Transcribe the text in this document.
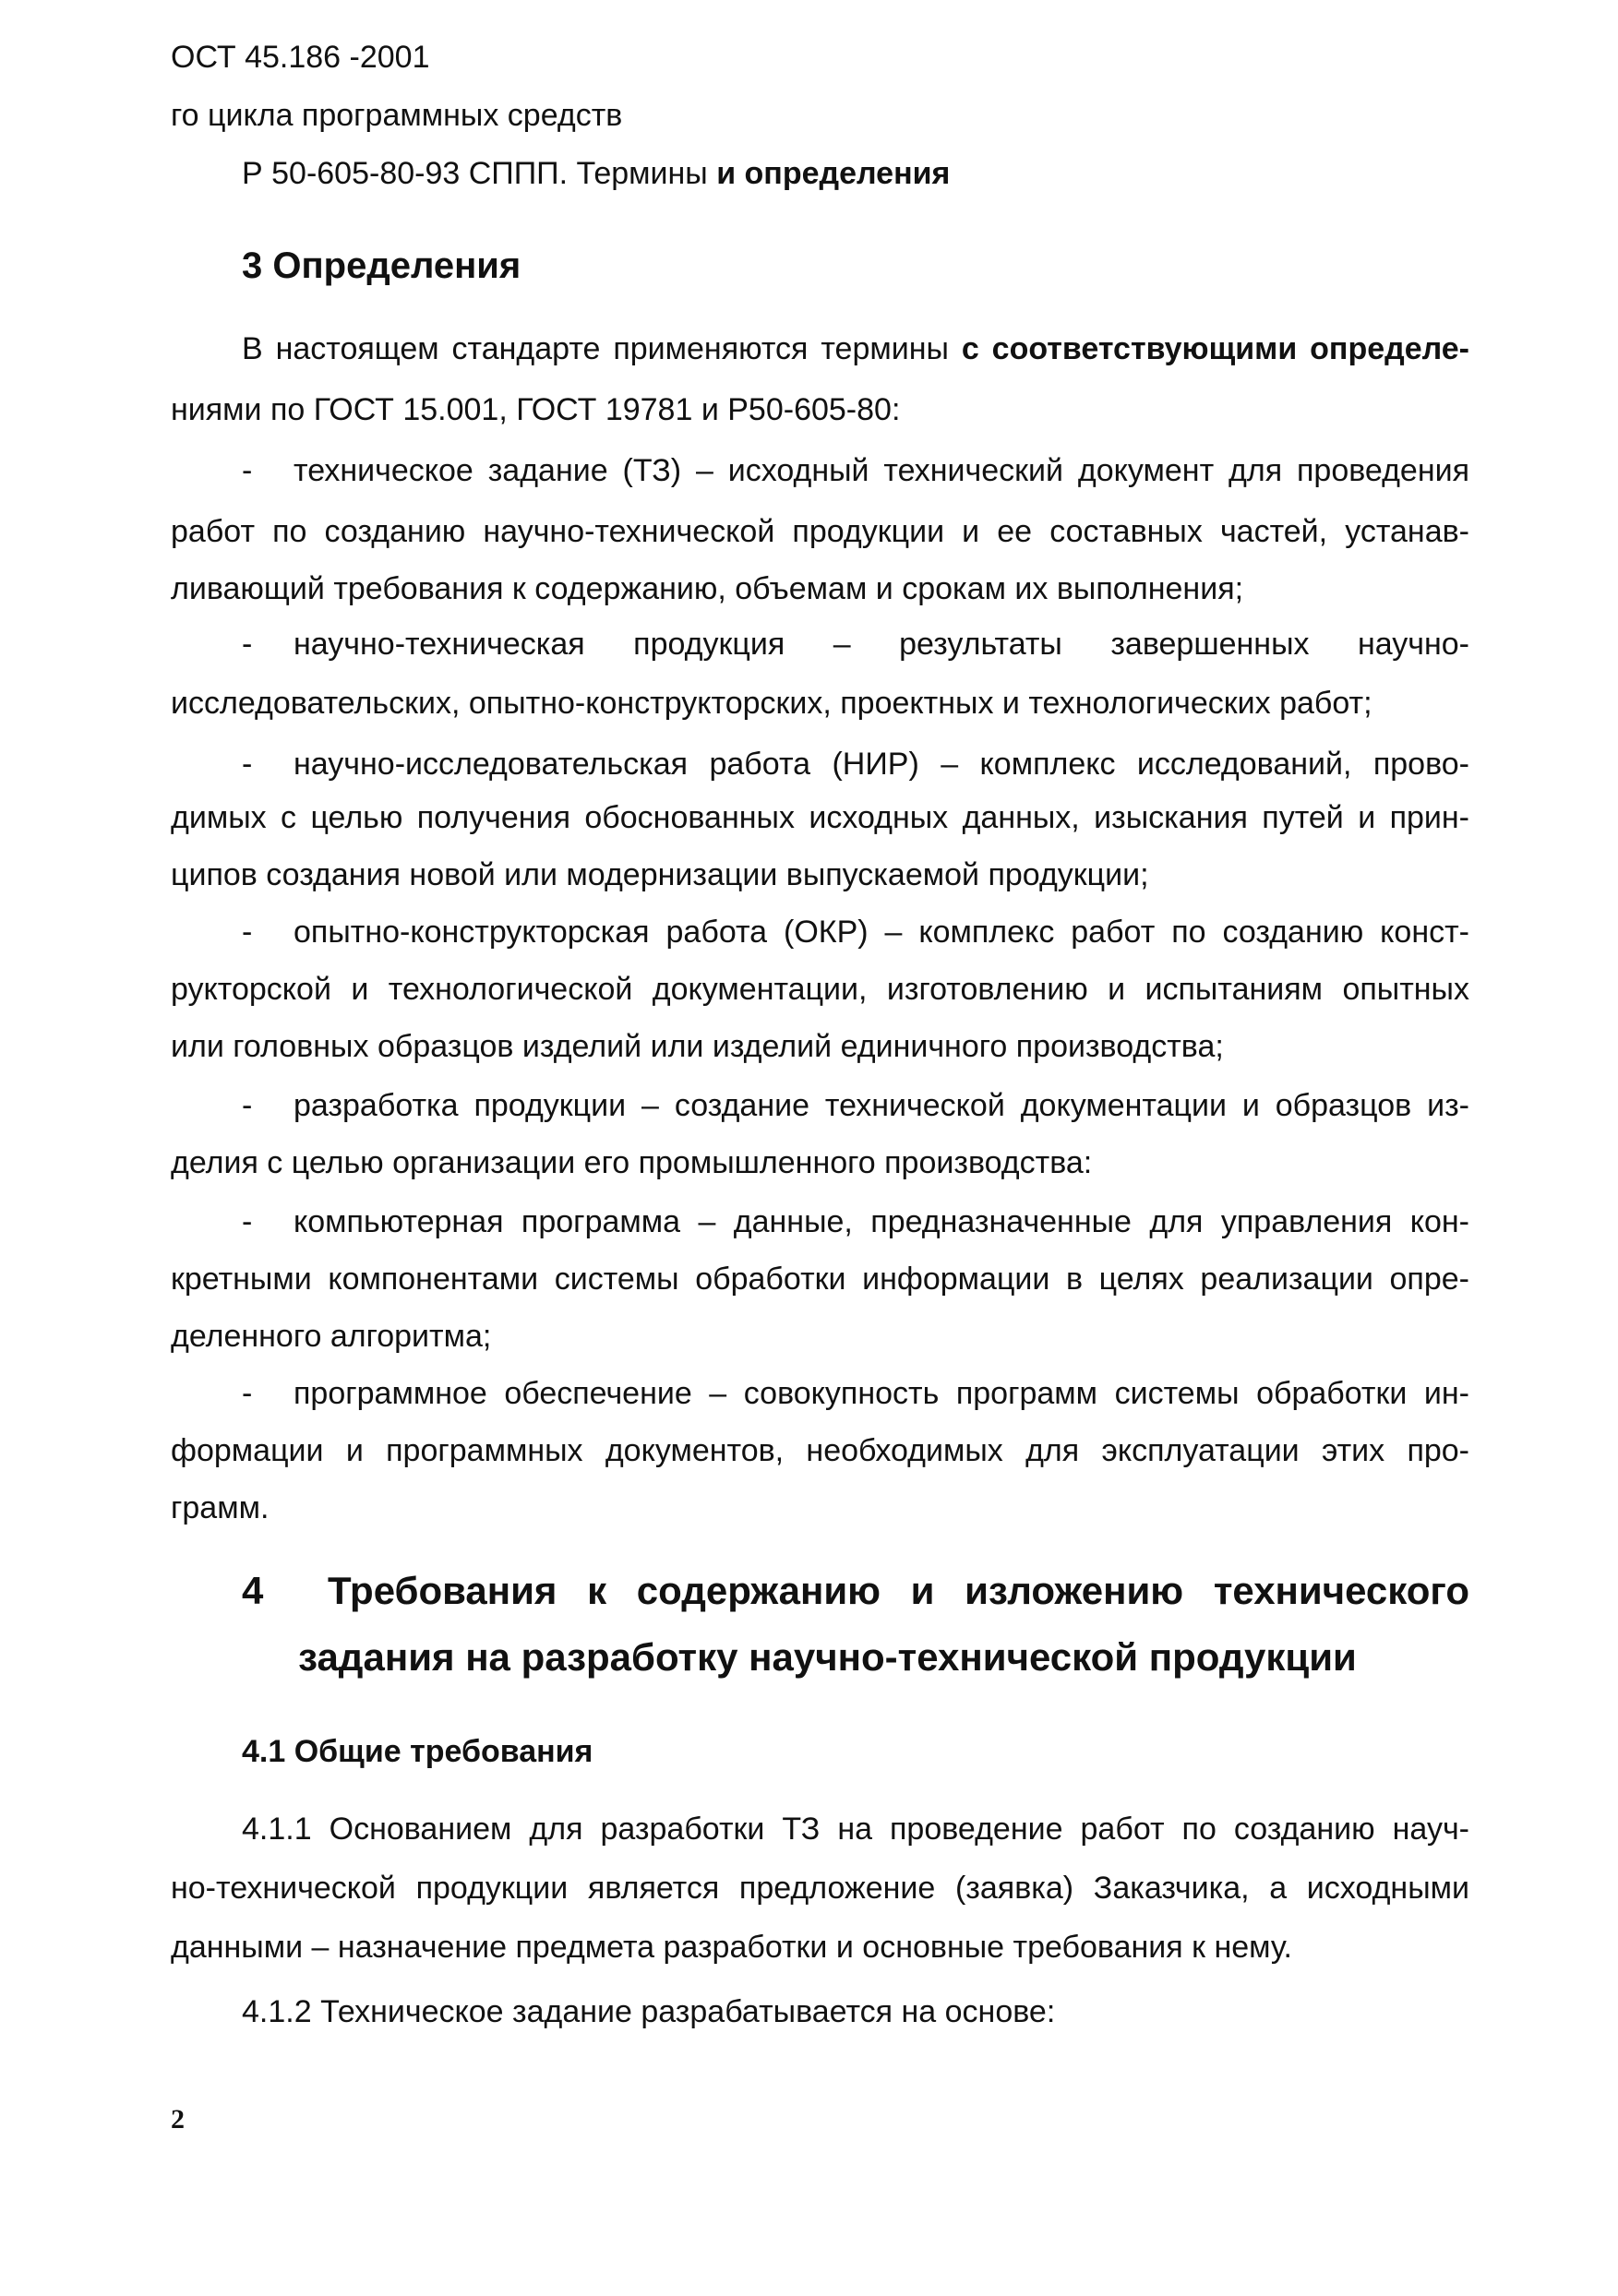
ОСТ 45.186 -2001

го цикла программных средств

Р 50-605-80-93 СППП. Термины и определения

3 Определения

В настоящем стандарте применяются термины с соответствующими определе-

ниями по ГОСТ 15.001, ГОСТ 19781 и Р50-605-80:

- техническое задание (ТЗ) – исходный технический документ для проведения

работ по созданию научно-технической продукции и ее составных частей, устанав-

ливающий требования к содержанию, объемам и срокам их выполнения;

- научно-техническая продукция – результаты завершенных научно-

исследовательских, опытно-конструкторских, проектных и технологических работ;

- научно-исследовательская работа (НИР) – комплекс исследований, прово-

димых с целью получения обоснованных исходных данных, изыскания путей и прин-

ципов создания новой или модернизации выпускаемой продукции;

- опытно-конструкторская работа (ОКР) – комплекс работ по созданию конст-

рукторской и технологической документации, изготовлению и испытаниям опытных

или головных образцов изделий или изделий единичного производства;

- разработка продукции – создание технической документации и образцов из-

делия с целью организации его промышленного производства:

- компьютерная программа – данные, предназначенные для управления кон-

кретными компонентами системы обработки информации в целях реализации опре-

деленного алгоритма;

- программное обеспечение – совокупность программ системы обработки ин-

формации и программных документов, необходимых для эксплуатации этих про-

грамм.

4 Требования к содержанию и изложению технического

задания на разработку научно-технической продукции

4.1 Общие требования

4.1.1 Основанием для разработки ТЗ на проведение работ по созданию науч-

но-технической продукции является предложение (заявка) Заказчика, а исходными

данными – назначение предмета разработки и основные требования к нему.

4.1.2 Техническое задание разрабатывается на основе:

2
